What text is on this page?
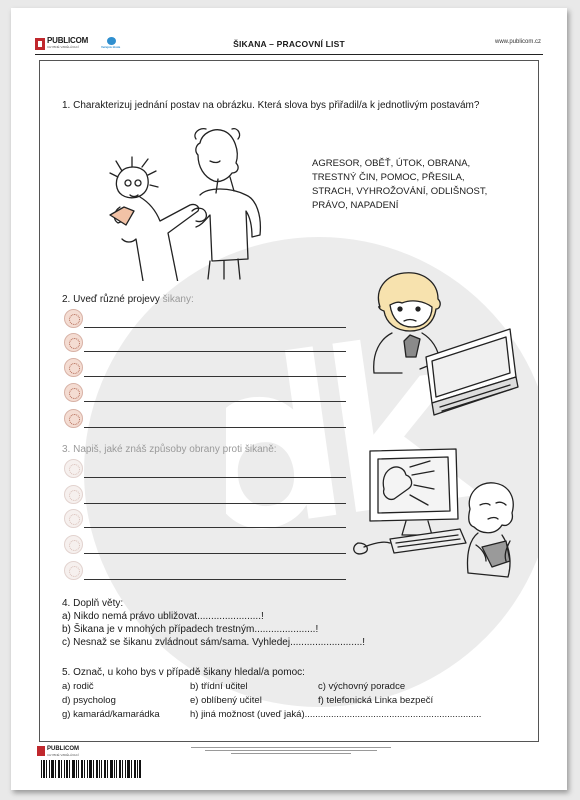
PUBLICOM
CHYBNÉ VZDĚLÁVACÍ	Veřejná škola	ŠIKANA – PRACOVNÍ LIST	www.publicom.cz
1. Charakterizuj jednání postav na obrázku. Která slova bys přiřadil/a k jednotlivým postavám?
AGRESOR, OBĚŤ, ÚTOK, OBRANA,
TRESTNÝ ČIN, POMOC, PŘESILA,
STRACH, VYHROŽOVÁNÍ, ODLIŠNOST,
PRÁVO, NAPADENÍ
2. Uveď různé projevy šikany:
3. Napiš, jaké znáš způsoby obrany proti šikaně:
4. Doplň věty:
a) Nikdo nemá právo ubližovat.......................!
b) Šikana je v mnohých případech trestným......................!
c) Nesnaž se šikanu zvládnout sám/sama. Vyhledej..........................!
5. Označ, u koho bys v případě šikany hledal/a pomoc:
a) rodič	b) třídní učitel	c) výchovný poradce
d) psycholog	e) oblíbený učitel	f) telefonická Linka bezpečí
g) kamarád/kamarádka	h) jiná možnost (uveď jaká)...................................................................
PUBLICOM
CHYBNÉ VZDĚLÁVACÍ
